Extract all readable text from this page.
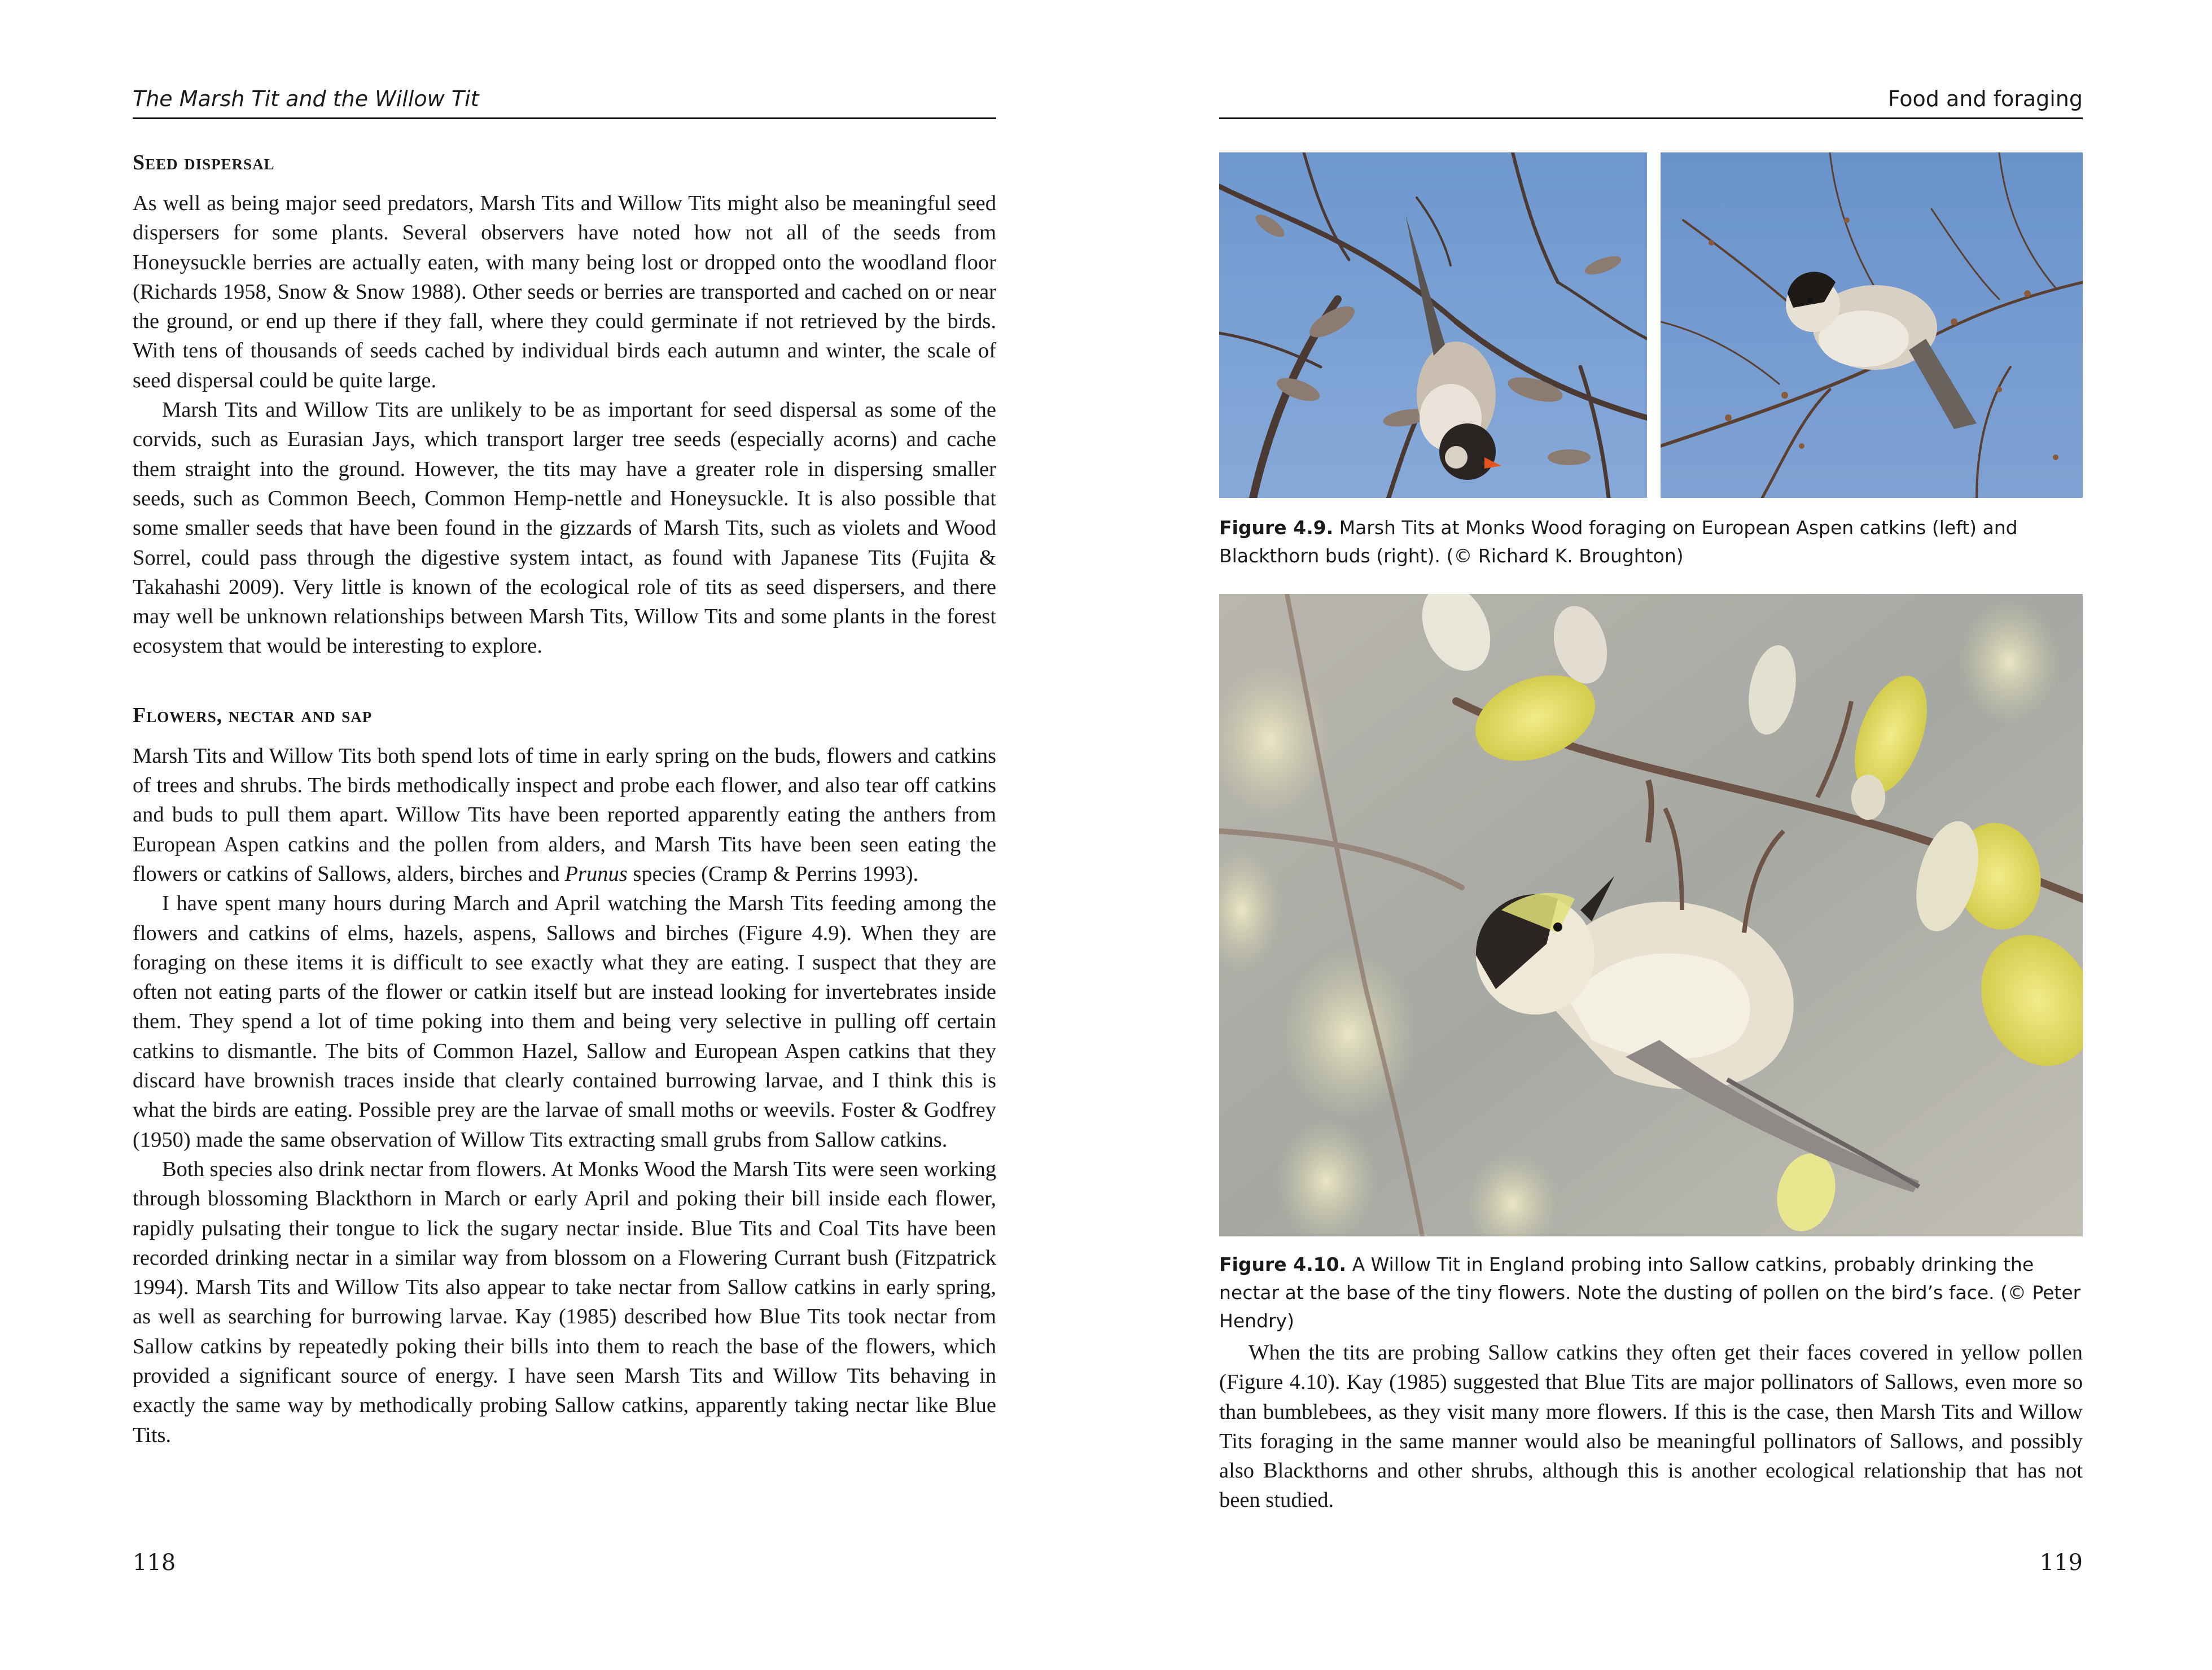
The Marsh Tit and the Willow Tit
Seed dispersal

As well as being major seed predators, Marsh Tits and Willow Tits might also be meaningful seed dispersers for some plants. Several observers have noted how not all of the seeds from Honeysuckle berries are actually eaten, with many being lost or dropped onto the woodland floor (Richards 1958, Snow & Snow 1988). Other seeds or berries are transported and cached on or near the ground, or end up there if they fall, where they could germinate if not retrieved by the birds. With tens of thousands of seeds cached by individual birds each autumn and winter, the scale of seed dispersal could be quite large.

Marsh Tits and Willow Tits are unlikely to be as important for seed dispersal as some of the corvids, such as Eurasian Jays, which transport larger tree seeds (especially acorns) and cache them straight into the ground. However, the tits may have a greater role in dispersing smaller seeds, such as Common Beech, Common Hemp-nettle and Honeysuckle. It is also possible that some smaller seeds that have been found in the gizzards of Marsh Tits, such as violets and Wood Sorrel, could pass through the digestive system intact, as found with Japanese Tits (Fujita & Takahashi 2009). Very little is known of the ecological role of tits as seed dispersers, and there may well be unknown relationships between Marsh Tits, Willow Tits and some plants in the forest ecosystem that would be interesting to explore.

Flowers, nectar and sap

Marsh Tits and Willow Tits both spend lots of time in early spring on the buds, flowers and catkins of trees and shrubs. The birds methodically inspect and probe each flower, and also tear off catkins and buds to pull them apart. Willow Tits have been reported apparently eating the anthers from European Aspen catkins and the pollen from alders, and Marsh Tits have been seen eating the flowers or catkins of Sallows, alders, birches and Prunus species (Cramp & Perrins 1993).

I have spent many hours during March and April watching the Marsh Tits feeding among the flowers and catkins of elms, hazels, aspens, Sallows and birches (Figure 4.9). When they are foraging on these items it is difficult to see exactly what they are eating. I suspect that they are often not eating parts of the flower or catkin itself but are instead looking for invertebrates inside them. They spend a lot of time poking into them and being very selective in pulling off certain catkins to dismantle. The bits of Common Hazel, Sallow and European Aspen catkins that they discard have brownish traces inside that clearly contained burrowing larvae, and I think this is what the birds are eating. Possible prey are the larvae of small moths or weevils. Foster & Godfrey (1950) made the same observation of Willow Tits extracting small grubs from Sallow catkins.

Both species also drink nectar from flowers. At Monks Wood the Marsh Tits were seen working through blossoming Blackthorn in March or early April and poking their bill inside each flower, rapidly pulsating their tongue to lick the sugary nectar inside. Blue Tits and Coal Tits have been recorded drinking nectar in a similar way from blossom on a Flowering Currant bush (Fitzpatrick 1994). Marsh Tits and Willow Tits also appear to take nectar from Sallow catkins in early spring, as well as searching for burrowing larvae. Kay (1985) described how Blue Tits took nectar from Sallow catkins by repeatedly poking their bills into them to reach the base of the flowers, which provided a significant source of energy. I have seen Marsh Tits and Willow Tits behaving in exactly the same way by methodically probing Sallow catkins, apparently taking nectar like Blue Tits.

118
Food and foraging
Figure 4.9. Marsh Tits at Monks Wood foraging on European Aspen catkins (left) and Blackthorn buds (right). (© Richard K. Broughton)
Figure 4.10. A Willow Tit in England probing into Sallow catkins, probably drinking the nectar at the base of the tiny flowers. Note the dusting of pollen on the bird’s face. (© Peter Hendry)

When the tits are probing Sallow catkins they often get their faces covered in yellow pollen (Figure 4.10). Kay (1985) suggested that Blue Tits are major pollinators of Sallows, even more so than bumblebees, as they visit many more flowers. If this is the case, then Marsh Tits and Willow Tits foraging in the same manner would also be meaningful pollinators of Sallows, and possibly also Blackthorns and other shrubs, although this is another ecological relationship that has not been studied.

119
